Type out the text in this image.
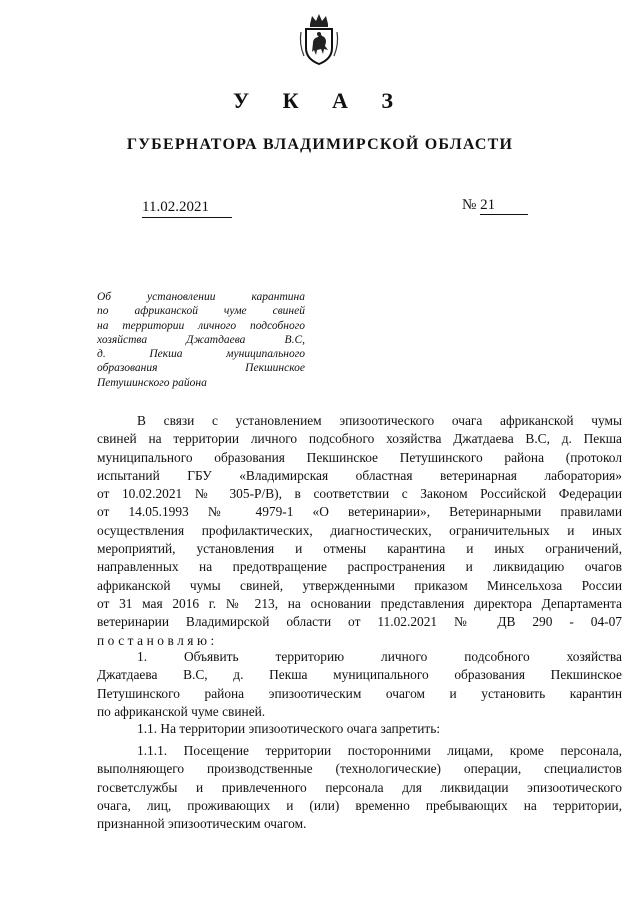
У К А З
ГУБЕРНАТОРА ВЛАДИМИРСКОЙ ОБЛАСТИ
11.02.2021	№ 21
Об установлении карантина
по африканской чуме свиней
на территории личного подсобного
хозяйства Джатдаева В.С,
д. Пекша муниципального
образования Пекшинское
Петушинского района
В связи с установлением эпизоотического очага африканской чумы
свиней на территории личного подсобного хозяйства Джатдаева В.С, д. Пекша
муниципального образования Пекшинское Петушинского района (протокол
испытаний ГБУ «Владимирская областная ветеринарная лаборатория»
от 10.02.2021 № 305-Р/В), в соответствии с Законом Российской Федерации
от 14.05.1993 № 4979-1 «О ветеринарии», Ветеринарными правилами
осуществления профилактических, диагностических, ограничительных и иных
мероприятий, установления и отмены карантина и иных ограничений,
направленных на предотвращение распространения и ликвидацию очагов
африканской чумы свиней, утвержденными приказом Минсельхоза России
от 31 мая 2016 г. № 213, на основании представления директора Департамента
ветеринарии Владимирской области от 11.02.2021 № ДВ 290 - 04-07
постановляю:
1. Объявить территорию личного подсобного хозяйства
Джатдаева В.С, д. Пекша муниципального образования Пекшинское
Петушинского района эпизоотическим очагом и установить карантин
по африканской чуме свиней.
1.1. На территории эпизоотического очага запретить:
1.1.1. Посещение территории посторонними лицами, кроме персонала,
выполняющего производственные (технологические) операции, специалистов
госветслужбы и привлеченного персонала для ликвидации эпизоотического
очага, лиц, проживающих и (или) временно пребывающих на территории,
признанной эпизоотическим очагом.
